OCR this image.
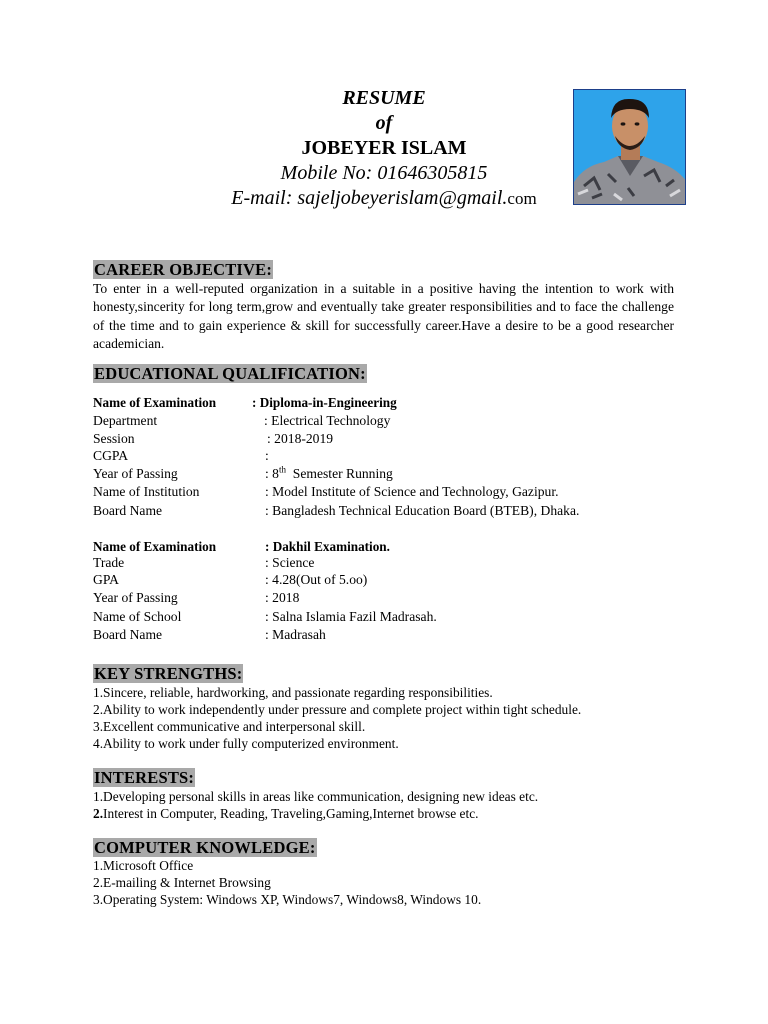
RESUME
of
JOBEYER ISLAM
Mobile No: 01646305815
E-mail: sajeljobeyerislam@gmail.com
CAREER OBJECTIVE:
To enter in a well-reputed organization in a suitable in a positive having the intention to work with honesty,sincerity for long term,grow and eventually take greater responsibilities and to face the challenge of the time and to gain experience & skill for successfully career.Have a desire to be a good researcher academician.
EDUCATIONAL QUALIFICATION:
Name of Examination	: Diploma-in-Engineering
Department	: Electrical Technology
Session	: 2018-2019
CGPA	:
Year of Passing	: 8th  Semester Running
Name of Institution	: Model Institute of Science and Technology, Gazipur.
Board Name	: Bangladesh Technical Education Board (BTEB), Dhaka.
Name of Examination	: Dakhil Examination.
Trade	: Science
GPA	: 4.28(Out of 5.oo)
Year of Passing	: 2018
Name of School	: Salna Islamia Fazil Madrasah.
Board Name	: Madrasah
KEY STRENGTHS:
1.Sincere, reliable, hardworking, and passionate regarding responsibilities.
2.Ability to work independently under pressure and complete project within tight schedule.
3.Excellent communicative and interpersonal skill.
4.Ability to work under fully computerized environment.
INTERESTS:
1.Developing personal skills in areas like communication, designing new ideas etc.
2.Interest in Computer, Reading, Traveling,Gaming,Internet browse etc.
COMPUTER KNOWLEDGE:
1.Microsoft Office
2.E-mailing & Internet Browsing
3.Operating System: Windows XP, Windows7, Windows8, Windows 10.
